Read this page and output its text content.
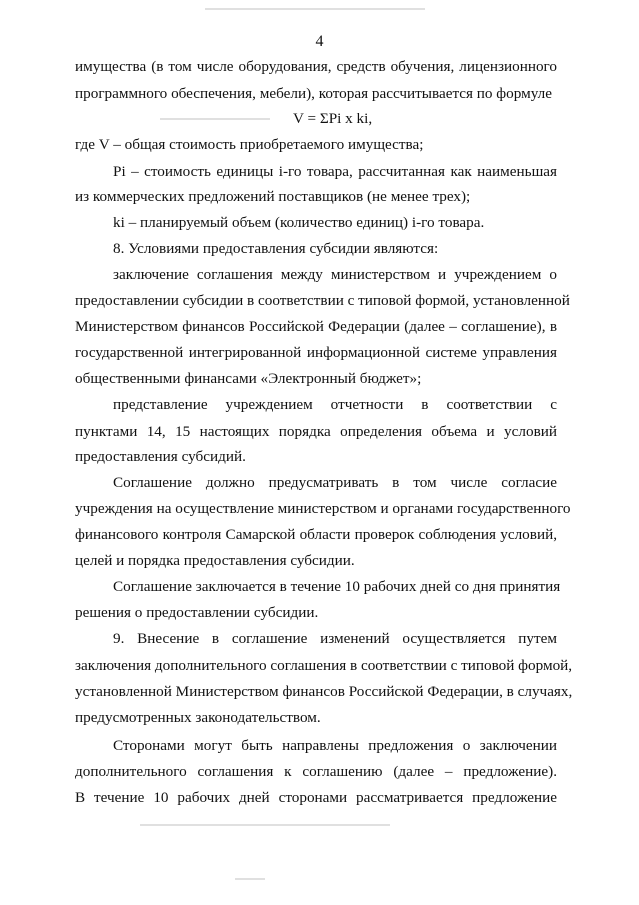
4
имущества (в том числе оборудования, средств обучения, лицензионного
программного обеспечения, мебели), которая рассчитывается по формуле
V = ΣPi x ki,
где V – общая стоимость приобретаемого имущества;
Pi – стоимость единицы i-го товара, рассчитанная как наименьшая
из коммерческих предложений поставщиков (не менее трех);
ki – планируемый объем (количество единиц) i-го товара.
8. Условиями предоставления субсидии являются:
заключение соглашения между министерством и учреждением о
предоставлении субсидии в соответствии с типовой формой, установленной
Министерством финансов Российской Федерации (далее – соглашение), в
государственной интегрированной информационной системе управления
общественными финансами «Электронный бюджет»;
представление учреждением отчетности в соответствии с
пунктами 14, 15 настоящих порядка определения объема и условий
предоставления субсидий.
Соглашение должно предусматривать в том числе согласие
учреждения на осуществление министерством и органами государственного
финансового контроля Самарской области проверок соблюдения условий,
целей и порядка предоставления субсидии.
Соглашение заключается в течение 10 рабочих дней со дня принятия
решения о предоставлении субсидии.
9. Внесение в соглашение изменений осуществляется путем
заключения дополнительного соглашения в соответствии с типовой формой,
установленной Министерством финансов Российской Федерации, в случаях,
предусмотренных законодательством.
Сторонами могут быть направлены предложения о заключении
дополнительного соглашения к соглашению (далее – предложение).
В течение 10 рабочих дней сторонами рассматривается предложение
